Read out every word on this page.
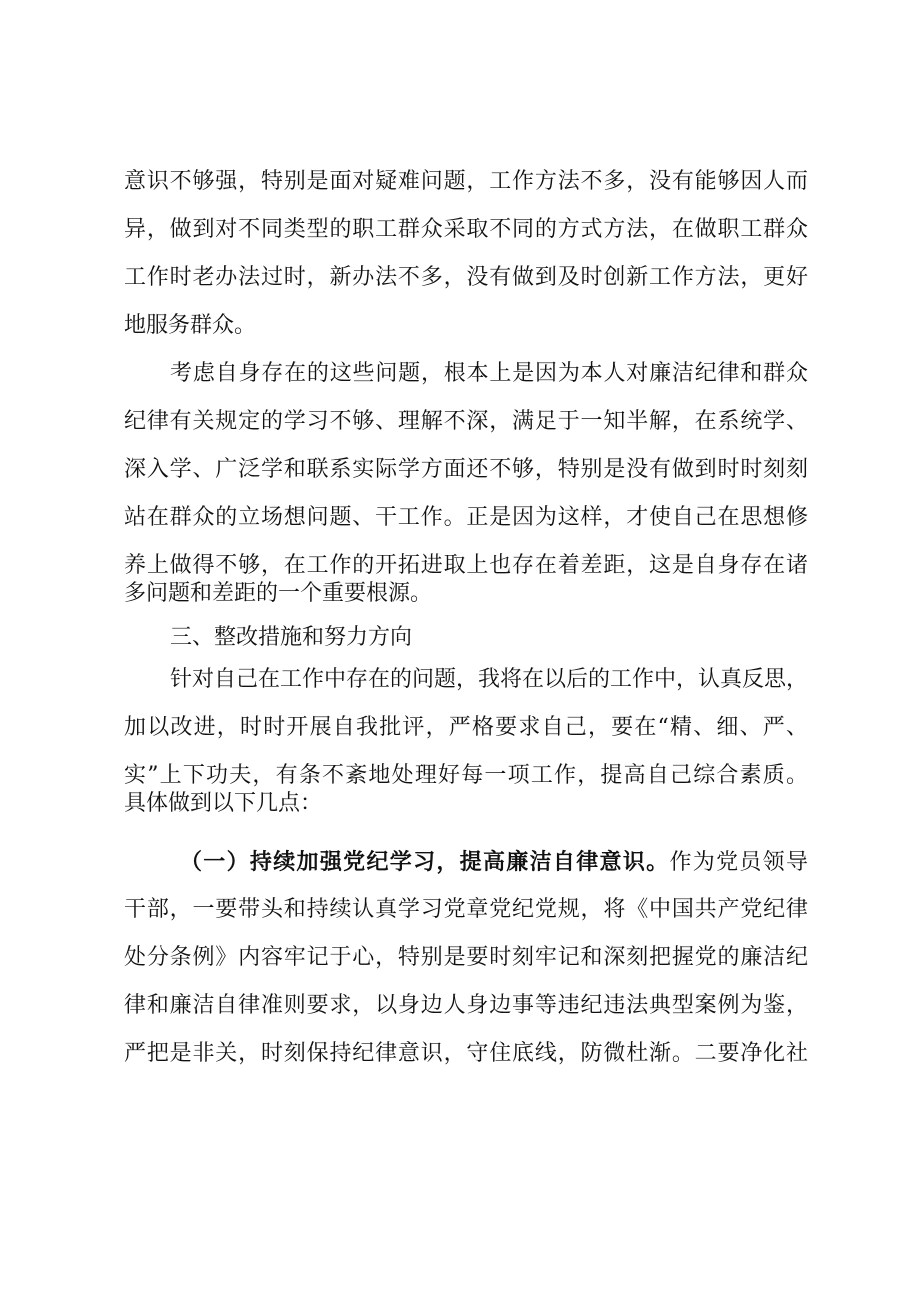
意识不够强，特别是面对疑难问题，工作方法不多，没有能够因人而
异，做到对不同类型的职工群众采取不同的方式方法，在做职工群众
工作时老办法过时，新办法不多，没有做到及时创新工作方法，更好
地服务群众。
考虑自身存在的这些问题，根本上是因为本人对廉洁纪律和群众
纪律有关规定的学习不够、理解不深，满足于一知半解，在系统学、
深入学、广泛学和联系实际学方面还不够，特别是没有做到时时刻刻
站在群众的立场想问题、干工作。正是因为这样，才使自己在思想修
养上做得不够，在工作的开拓进取上也存在着差距，这是自身存在诸
多问题和差距的一个重要根源。
三、整改措施和努力方向
针对自己在工作中存在的问题，我将在以后的工作中，认真反思，
加以改进，时时开展自我批评，严格要求自己，要在“精、细、严、
实”上下功夫，有条不紊地处理好每一项工作，提高自己综合素质。
具体做到以下几点：
（一）持续加强党纪学习，提高廉洁自律意识。作为党员领导
干部，一要带头和持续认真学习党章党纪党规，将《中国共产党纪律
处分条例》内容牢记于心，特别是要时刻牢记和深刻把握党的廉洁纪
律和廉洁自律准则要求，以身边人身边事等违纪违法典型案例为鉴，
严把是非关，时刻保持纪律意识，守住底线，防微杜渐。二要净化社
